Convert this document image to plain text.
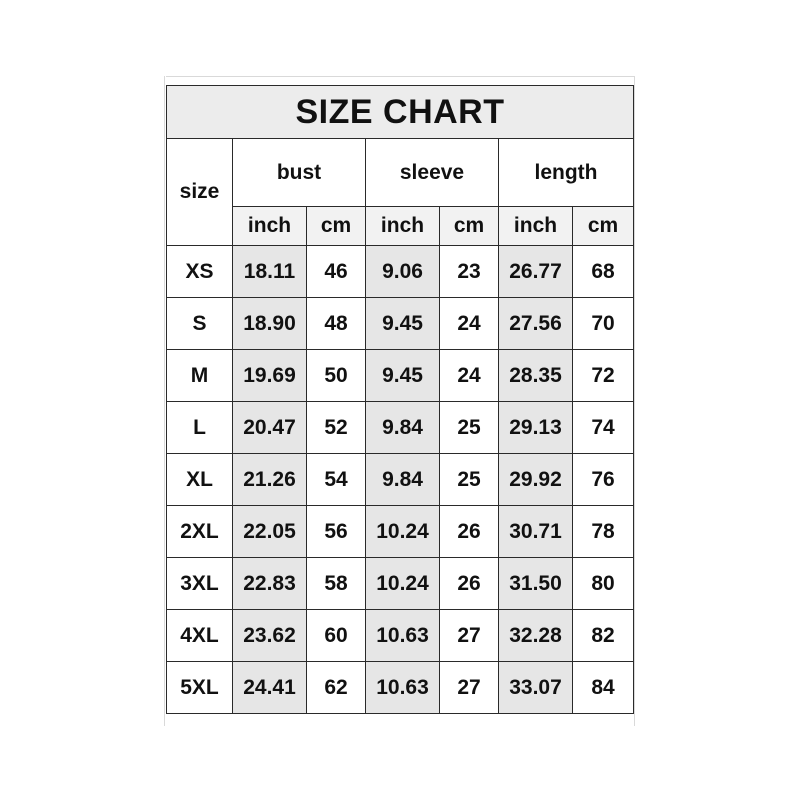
SIZE CHART						
size	bust		sleeve		length	
	inch	cm	inch	cm	inch	cm
XS	18.11	46	9.06	23	26.77	68
S	18.90	48	9.45	24	27.56	70
M	19.69	50	9.45	24	28.35	72
L	20.47	52	9.84	25	29.13	74
XL	21.26	54	9.84	25	29.92	76
2XL	22.05	56	10.24	26	30.71	78
3XL	22.83	58	10.24	26	31.50	80
4XL	23.62	60	10.63	27	32.28	82
5XL	24.41	62	10.63	27	33.07	84
